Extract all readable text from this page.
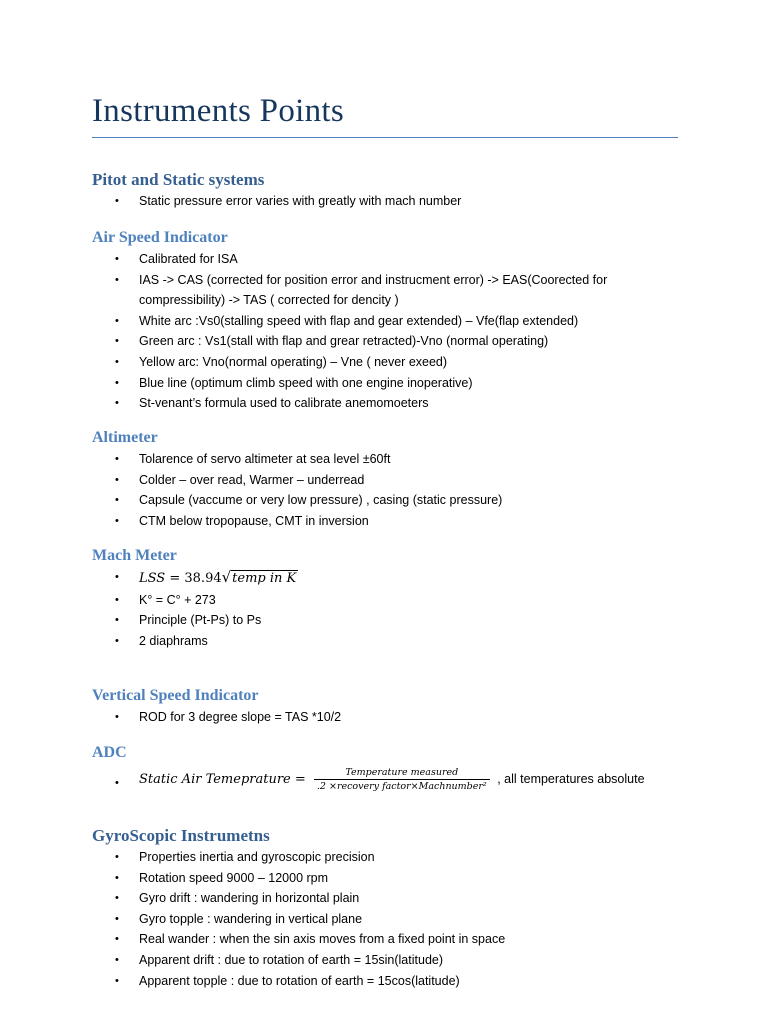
Instruments Points
Pitot and Static systems
• Static pressure error varies with greatly with mach number
Air Speed Indicator
• Calibrated for ISA
• IAS -> CAS (corrected for position error and instrucment error) -> EAS(Coorected for compressibility) -> TAS ( corrected for dencity )
• White arc :Vs0(stalling speed with flap and gear extended) – Vfe(flap extended)
• Green arc : Vs1(stall with flap and grear retracted)-Vno (normal operating)
• Yellow arc: Vno(normal operating) – Vne ( never exeed)
• Blue line (optimum climb speed with one engine inoperative)
• St-venant’s formula used to calibrate anemomoeters
Altimeter
• Tolarence of servo altimeter at sea level ±60ft
• Colder – over read, Warmer – underread
• Capsule (vaccume or very low pressure) , casing (static pressure)
• CTM below tropopause, CMT in inversion
Mach Meter
• LSS = 38.94√temp in K
• K° = C° + 273
• Principle (Pt-Ps) to Ps
• 2 diaphrams
Vertical Speed Indicator
• ROD for 3 degree slope = TAS *10/2
ADC
• Static Air Temeprature = $\frac{\text{Temperature measured}}{\text{.2 ×recovery factor×Machnumber²}}$ , all temperatures absolute
GyroScopic Instrumetns
• Properties inertia and gyroscopic precision
• Rotation speed 9000 – 12000 rpm
• Gyro drift : wandering in horizontal plain
• Gyro topple : wandering in vertical plane
• Real wander : when the sin axis moves from a fixed point in space
• Apparent drift : due to rotation of earth = 15sin(latitude)
• Apparent topple : due to rotation of earth = 15cos(latitude)
